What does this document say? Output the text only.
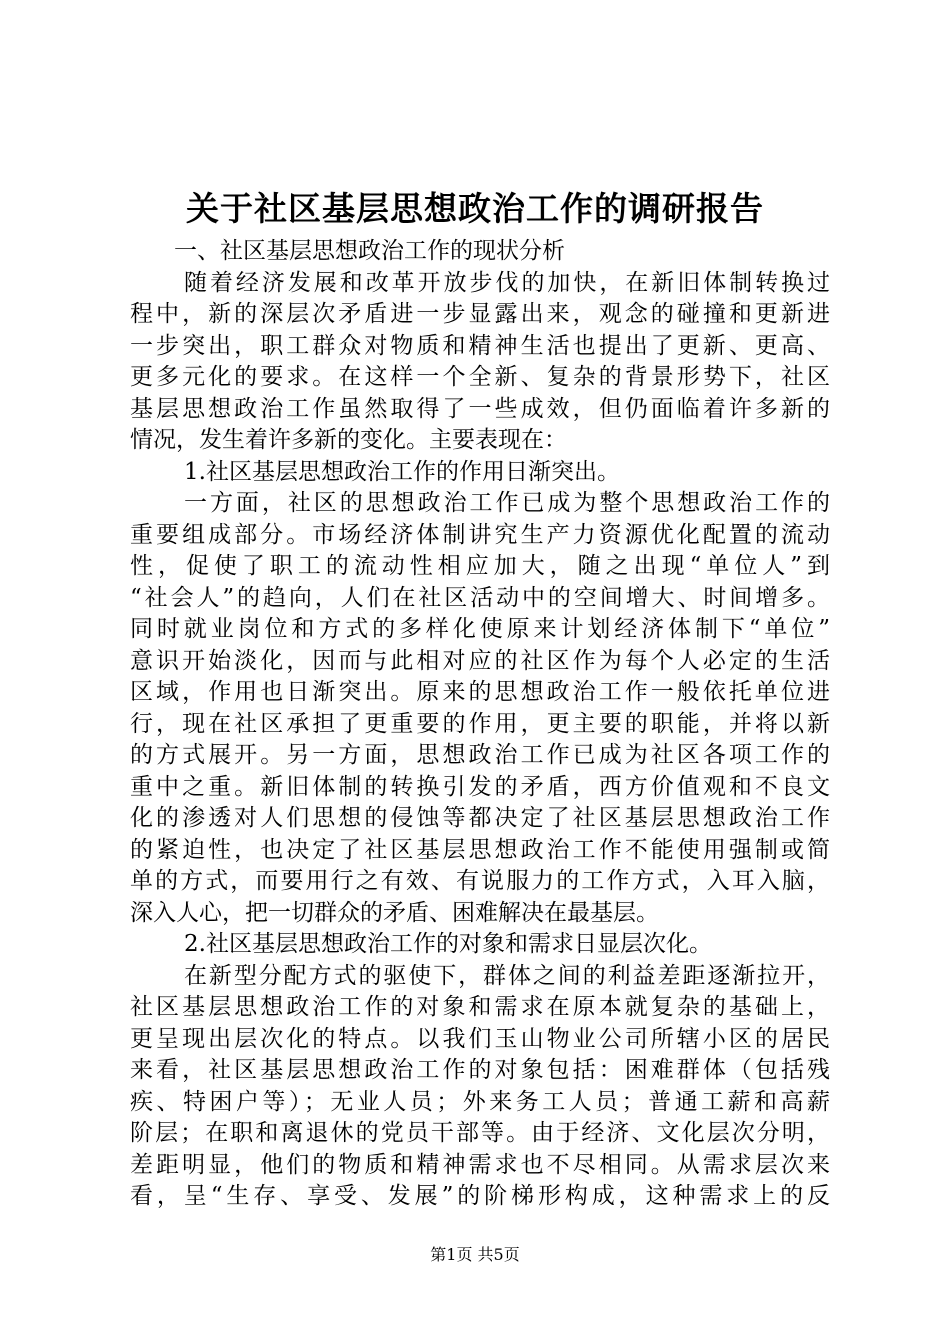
关于社区基层思想政治工作的调研报告
一、社区基层思想政治工作的现状分析
随着经济发展和改革开放步伐的加快，在新旧体制转换过
程中，新的深层次矛盾进一步显露出来，观念的碰撞和更新进
一步突出，职工群众对物质和精神生活也提出了更新、更高、
更多元化的要求。在这样一个全新、复杂的背景形势下，社区
基层思想政治工作虽然取得了一些成效，但仍面临着许多新的
情况，发生着许多新的变化。主要表现在：
1.社区基层思想政治工作的作用日渐突出。
一方面，社区的思想政治工作已成为整个思想政治工作的
重要组成部分。市场经济体制讲究生产力资源优化配置的流动
性，促使了职工的流动性相应加大，随之出现“单位人”到
“社会人”的趋向，人们在社区活动中的空间增大、时间增多。
同时就业岗位和方式的多样化使原来计划经济体制下“单位”
意识开始淡化，因而与此相对应的社区作为每个人必定的生活
区域，作用也日渐突出。原来的思想政治工作一般依托单位进
行，现在社区承担了更重要的作用，更主要的职能，并将以新
的方式展开。另一方面，思想政治工作已成为社区各项工作的
重中之重。新旧体制的转换引发的矛盾，西方价值观和不良文
化的渗透对人们思想的侵蚀等都决定了社区基层思想政治工作
的紧迫性，也决定了社区基层思想政治工作不能使用强制或简
单的方式，而要用行之有效、有说服力的工作方式，入耳入脑，
深入人心，把一切群众的矛盾、困难解决在最基层。
2.社区基层思想政治工作的对象和需求日显层次化。
在新型分配方式的驱使下，群体之间的利益差距逐渐拉开，
社区基层思想政治工作的对象和需求在原本就复杂的基础上，
更呈现出层次化的特点。以我们玉山物业公司所辖小区的居民
来看，社区基层思想政治工作的对象包括：困难群体（包括残
疾、特困户等）；无业人员；外来务工人员；普通工薪和高薪
阶层；在职和离退休的党员干部等。由于经济、文化层次分明，
差距明显，他们的物质和精神需求也不尽相同。从需求层次来
看，呈“生存、享受、发展”的阶梯形构成，这种需求上的反
第1页 共5页
